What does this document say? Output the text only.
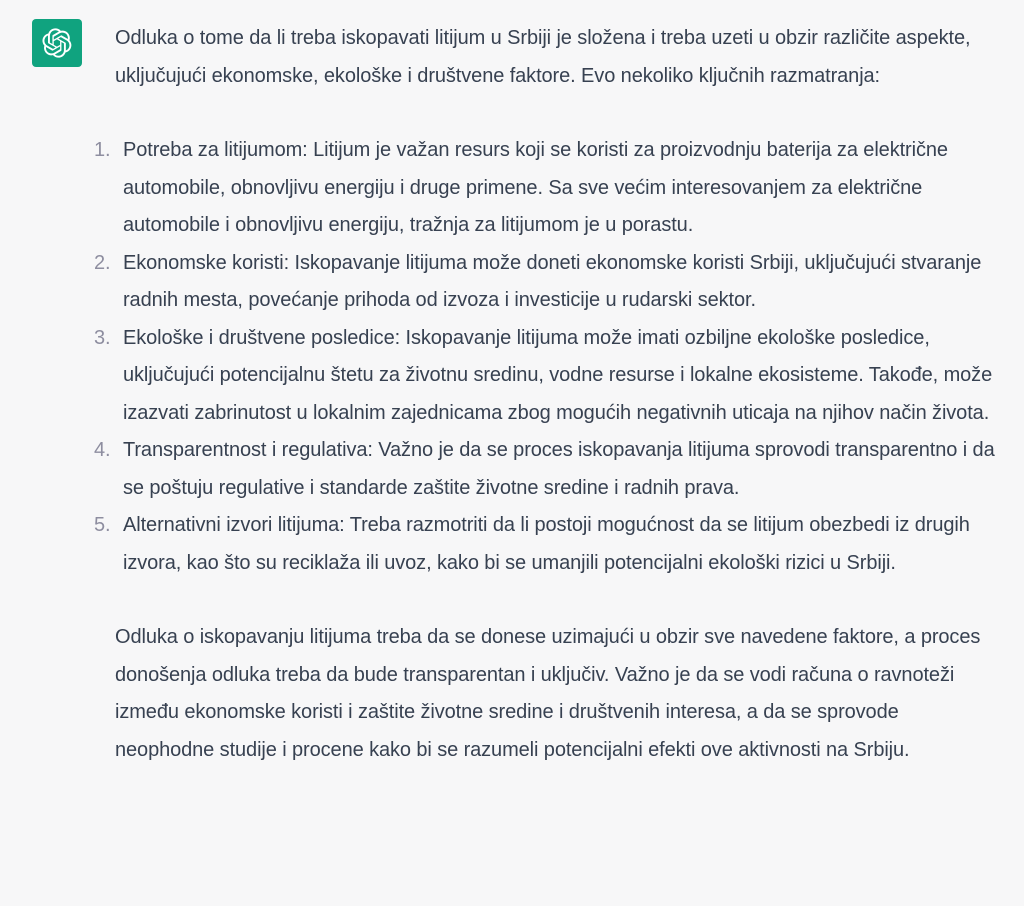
Odluka o tome da li treba iskopavati litijum u Srbiji je složena i treba uzeti u obzir različite aspekte, uključujući ekonomske, ekološke i društvene faktore. Evo nekoliko ključnih razmatranja:

1. Potreba za litijumom: Litijum je važan resurs koji se koristi za proizvodnju baterija za električne automobile, obnovljivu energiju i druge primene. Sa sve većim interesovanjem za električne automobile i obnovljivu energiju, tražnja za litijumom je u porastu.
2. Ekonomske koristi: Iskopavanje litijuma može doneti ekonomske koristi Srbiji, uključujući stvaranje radnih mesta, povećanje prihoda od izvoza i investicije u rudarski sektor.
3. Ekološke i društvene posledice: Iskopavanje litijuma može imati ozbiljne ekološke posledice, uključujući potencijalnu štetu za životnu sredinu, vodne resurse i lokalne ekosisteme. Takođe, može izazvati zabrinutost u lokalnim zajednicama zbog mogućih negativnih uticaja na njihov način života.
4. Transparentnost i regulativa: Važno je da se proces iskopavanja litijuma sprovodi transparentno i da se poštuju regulative i standarde zaštite životne sredine i radnih prava.
5. Alternativni izvori litijuma: Treba razmotriti da li postoji mogućnost da se litijum obezbedi iz drugih izvora, kao što su reciklaža ili uvoz, kako bi se umanjili potencijalni ekološki rizici u Srbiji.

Odluka o iskopavanju litijuma treba da se donese uzimajući u obzir sve navedene faktore, a proces donošenja odluka treba da bude transparentan i uključiv. Važno je da se vodi računa o ravnoteži između ekonomske koristi i zaštite životne sredine i društvenih interesa, a da se sprovode neophodne studije i procene kako bi se razumeli potencijalni efekti ove aktivnosti na Srbiju.
